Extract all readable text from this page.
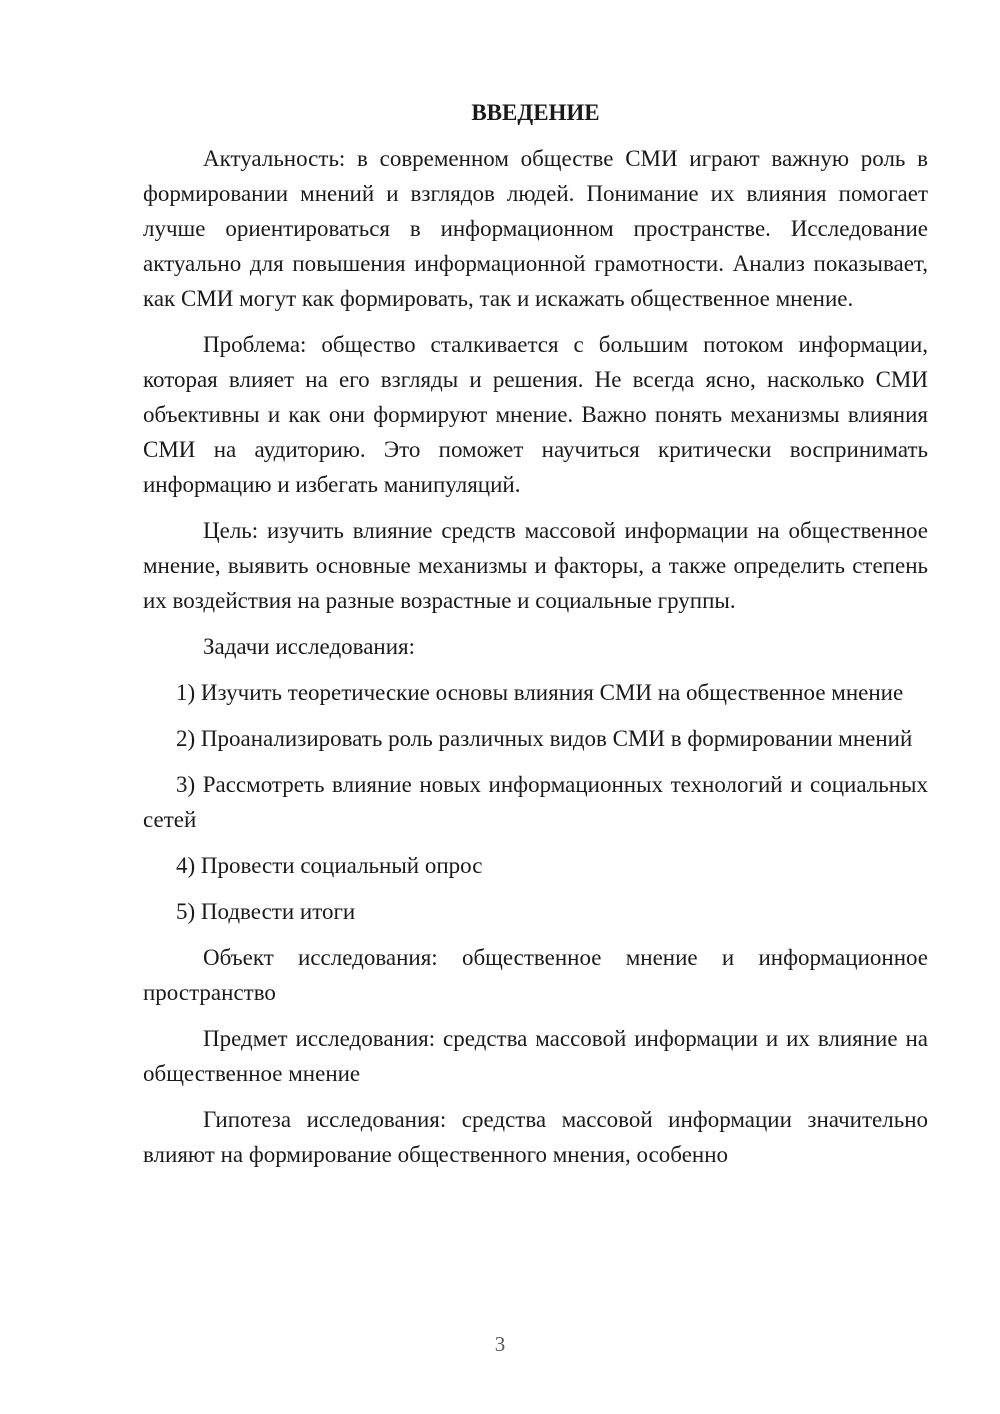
ВВЕДЕНИЕ

Актуальность: в современном обществе СМИ играют важную роль в формировании мнений и взглядов людей. Понимание их влияния помогает лучше ориентироваться в информационном пространстве. Исследование актуально для повышения информационной грамотности. Анализ показывает, как СМИ могут как формировать, так и искажать общественное мнение.

Проблема: общество сталкивается с большим потоком информации, которая влияет на его взгляды и решения. Не всегда ясно, насколько СМИ объективны и как они формируют мнение. Важно понять механизмы влияния СМИ на аудиторию. Это поможет научиться критически воспринимать информацию и избегать манипуляций.

Цель: изучить влияние средств массовой информации на общественное мнение, выявить основные механизмы и факторы, а также определить степень их воздействия на разные возрастные и социальные группы.

Задачи исследования:

1) Изучить теоретические основы влияния СМИ на общественное мнение

2) Проанализировать роль различных видов СМИ в формировании мнений

3) Рассмотреть влияние новых информационных технологий и социальных сетей

4) Провести социальный опрос

5) Подвести итоги

Объект исследования: общественное мнение и информационное пространство

Предмет исследования: средства массовой информации и их влияние на общественное мнение

Гипотеза исследования: средства массовой информации значительно влияют на формирование общественного мнения, особенно

3
